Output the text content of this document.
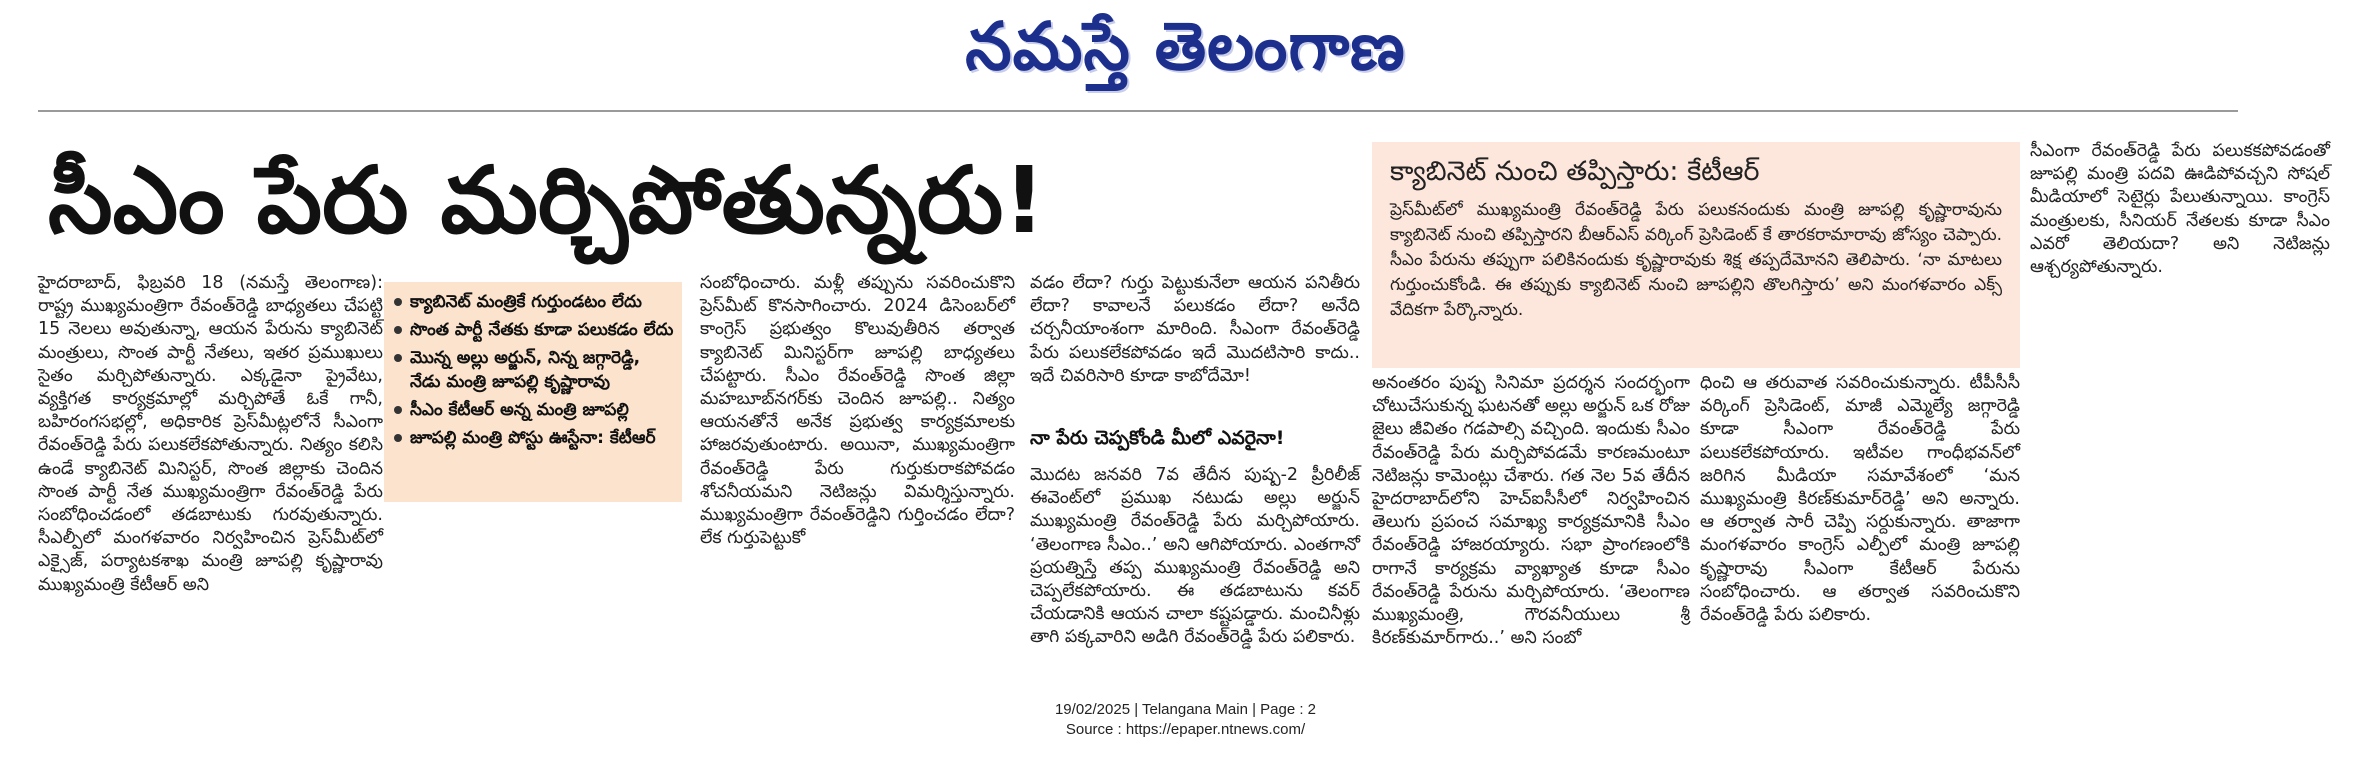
నమస్తే తెలంగాణ
సీఎం పేరు మర్చిపోతున్నరు!

హైదరాబాద్, ఫిబ్రవరి 18 (నమస్తే తెలంగాణ): రాష్ట్ర ముఖ్యమంత్రిగా రేవంత్‌రెడ్డి బాధ్యతలు చేపట్టి 15 నెలలు అవుతున్నా, ఆయన పేరును క్యాబినెట్ మంత్రులు, సొంత పార్టీ నేతలు, ఇతర ప్రముఖులు సైతం మర్చిపోతున్నారు. ఎక్కడైనా ప్రైవేటు, వ్యక్తిగత కార్యక్రమాల్లో మర్చిపోతే ఓకే గానీ, బహిరంగసభల్లో, అధికారిక ప్రెస్‌మీట్లలోనే సీఎంగా రేవంత్‌రెడ్డి పేరు పలుకలేకపోతున్నారు. నిత్యం కలిసి ఉండే క్యాబినెట్ మినిస్టర్, సొంత జిల్లాకు చెందిన సొంత పార్టీ నేత ముఖ్యమంత్రిగా రేవంత్‌రెడ్డి పేరు సంబోధించడంలో తడబాటుకు గురవుతున్నారు. సీఎల్పీలో మంగళవారం నిర్వహించిన ప్రెస్‌మీట్‌లో ఎక్సైజ్, పర్యాటకశాఖ మంత్రి జూపల్లి కృష్ణారావు ముఖ్యమంత్రి కేటీఆర్ అని

క్యాబినెట్ మంత్రికే గుర్తుండటం లేదు
సొంత పార్టీ నేతకు కూడా పలుకడం లేదు
మొన్న అల్లు అర్జున్, నిన్న జగ్గారెడ్డి, నేడు మంత్రి జూపల్లి కృష్ణారావు
సీఎం కేటీఆర్ అన్న మంత్రి జూపల్లి
జూపల్లి మంత్రి పోస్టు ఊస్టేనా: కేటీఆర్

సంబోధించారు. మళ్లీ తప్పును సవరించుకొని ప్రెస్‌మీట్ కొనసాగించారు. 2024 డిసెంబర్‌లో కాంగ్రెస్ ప్రభుత్వం కొలువుతీరిన తర్వాత క్యాబినెట్ మినిస్టర్‌గా జూపల్లి బాధ్యతలు చేపట్టారు. సీఎం రేవంత్‌రెడ్డి సొంత జిల్లా మహబూబ్‌నగర్‌కు చెందిన జూపల్లి.. నిత్యం ఆయనతోనే అనేక ప్రభుత్వ కార్యక్రమాలకు హాజరవుతుంటారు. అయినా, ముఖ్యమంత్రిగా రేవంత్‌రెడ్డి పేరు గుర్తుకురాకపోవడం శోచనీయమని నెటిజన్లు విమర్శిస్తున్నారు. ముఖ్యమంత్రిగా రేవంత్‌రెడ్డిని గుర్తించడం లేదా? లేక గుర్తుపెట్టుకో

వడం లేదా? గుర్తు పెట్టుకునేలా ఆయన పనితీరు లేదా? కావాలనే పలుకడం లేదా? అనేది చర్చనీయాంశంగా మారింది. సీఎంగా రేవంత్‌రెడ్డి పేరు పలుకలేకపోవడం ఇదే మొదటిసారి కాదు.. ఇదే చివరిసారి కూడా కాబోదేమో!

నా పేరు చెప్పకోండి మీలో ఎవరైనా!

మొదట జనవరి 7వ తేదీన పుష్ప-2 ప్రీరిలీజ్ ఈవెంట్‌లో ప్రముఖ నటుడు అల్లు అర్జున్ ముఖ్యమంత్రి రేవంత్‌రెడ్డి పేరు మర్చిపోయారు. ‘తెలంగాణ సీఎం..’ అని ఆగిపోయారు. ఎంతగానో ప్రయత్నిస్తే తప్ప ముఖ్యమంత్రి రేవంత్‌రెడ్డి అని చెప్పలేకపోయారు. ఈ తడబాటును కవర్ చేయడానికి ఆయన చాలా కష్టపడ్డారు. మంచినీళ్లు తాగి పక్కవారిని అడిగి రేవంత్‌రెడ్డి పేరు పలికారు.

క్యాబినెట్ నుంచి తప్పిస్తారు: కేటీఆర్
ప్రెస్‌మీట్‌లో ముఖ్యమంత్రి రేవంత్‌రెడ్డి పేరు పలుకనందుకు మంత్రి జూపల్లి కృష్ణారావును క్యాబినెట్ నుంచి తప్పిస్తారని బీఆర్‌ఎస్ వర్కింగ్ ప్రెసిడెంట్ కే తారకరామారావు జోస్యం చెప్పారు. సీఎం పేరును తప్పుగా పలికినందుకు కృష్ణారావుకు శిక్ష తప్పదేమోనని తెలిపారు. ‘నా మాటలు గుర్తుంచుకోండి. ఈ తప్పుకు క్యాబినెట్ నుంచి జూపల్లిని తొలగిస్తారు’ అని మంగళవారం ఎక్స్ వేదికగా పేర్కొన్నారు.

అనంతరం పుష్ప సినిమా ప్రదర్శన సందర్భంగా చోటుచేసుకున్న ఘటనతో అల్లు అర్జున్ ఒక రోజు జైలు జీవితం గడపాల్సి వచ్చింది. ఇందుకు సీఎం రేవంత్‌రెడ్డి పేరు మర్చిపోవడమే కారణమంటూ నెటిజన్లు కామెంట్లు చేశారు. గత నెల 5వ తేదీన హైదరాబాద్‌లోని హెచ్‌ఐసీసీలో నిర్వహించిన తెలుగు ప్రపంచ సమాఖ్య కార్యక్రమానికి సీఎం రేవంత్‌రెడ్డి హాజరయ్యారు. సభా ప్రాంగణంలోకి రాగానే కార్యక్రమ వ్యాఖ్యాత కూడా సీఎం రేవంత్‌రెడ్డి పేరును మర్చిపోయారు. ‘తెలంగాణ ముఖ్యమంత్రి, గౌరవనీయులు శ్రీ కిరణ్‌కుమార్‌గారు..’ అని సంబో

ధించి ఆ తరువాత సవరించుకున్నారు. టీపీసీసీ వర్కింగ్ ప్రెసిడెంట్, మాజీ ఎమ్మెల్యే జగ్గారెడ్డి కూడా సీఎంగా రేవంత్‌రెడ్డి పేరు పలుకలేకపోయారు. ఇటీవల గాంధీభవన్‌లో జరిగిన మీడియా సమావేశంలో ‘మన ముఖ్యమంత్రి కిరణ్‌కుమార్‌రెడ్డి’ అని అన్నారు. ఆ తర్వాత సారీ చెప్పి సర్దుకున్నారు. తాజాగా మంగళవారం కాంగ్రెస్ ఎల్పీలో మంత్రి జూపల్లి కృష్ణారావు సీఎంగా కేటీఆర్ పేరును సంబోధించారు. ఆ తర్వాత సవరించుకొని రేవంత్‌రెడ్డి పేరు పలికారు.

సీఎంగా రేవంత్‌రెడ్డి పేరు పలుకకపోవడంతో జూపల్లి మంత్రి పదవి ఊడిపోవచ్చని సోషల్ మీడియాలో సెటైర్లు పేలుతున్నాయి. కాంగ్రెస్ మంత్రులకు, సీనియర్ నేతలకు కూడా సీఎం ఎవరో తెలియదా? అని నెటిజన్లు ఆశ్చర్యపోతున్నారు.

19/02/2025 | Telangana Main | Page : 2
Source : https://epaper.ntnews.com/
